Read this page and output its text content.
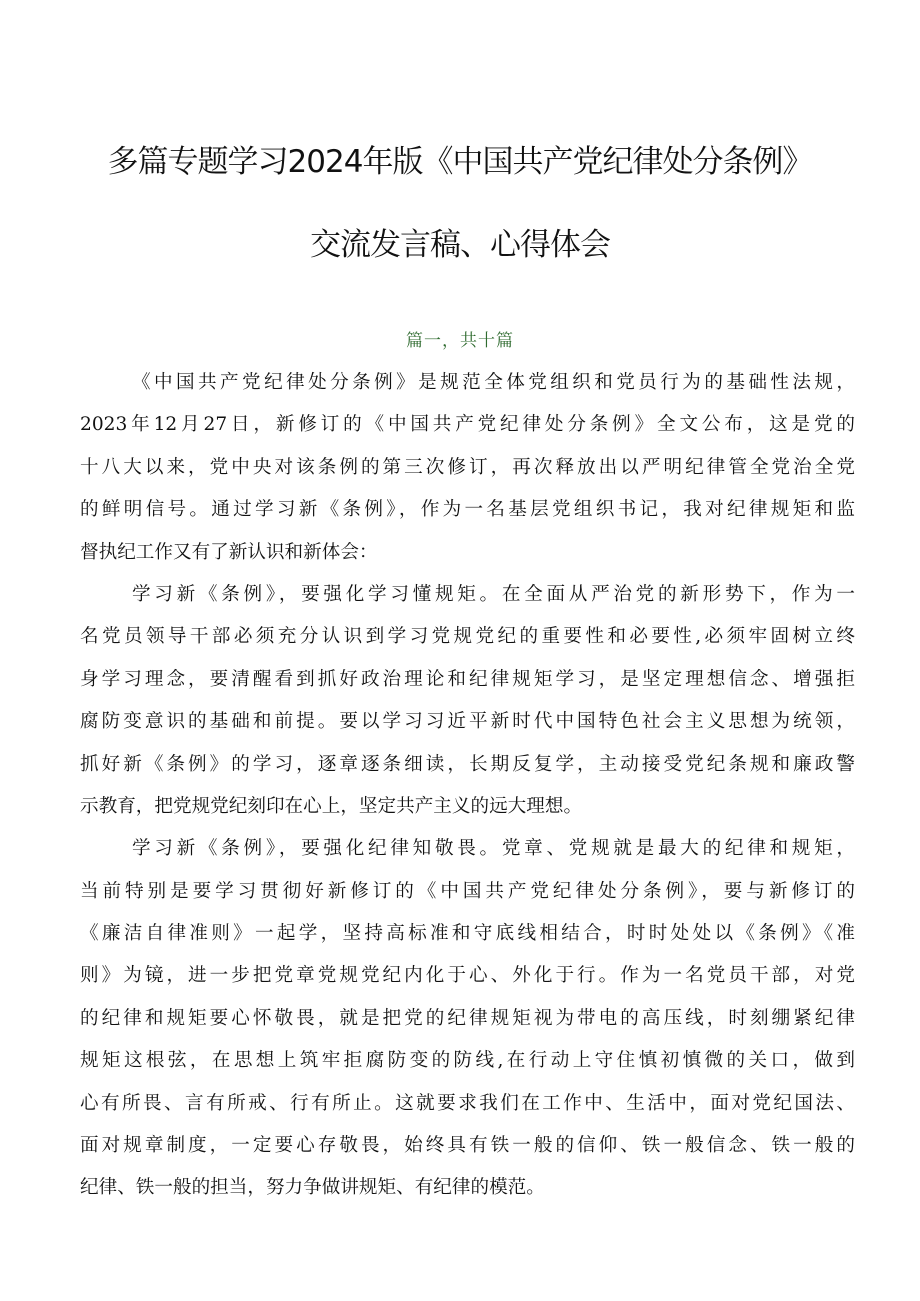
多篇专题学习2024年版《中国共产党纪律处分条例》
交流发言稿、心得体会
篇一，共十篇
《中国共产党纪律处分条例》是规范全体党组织和党员行为的基础性法规，
2023年12月27日，新修订的《中国共产党纪律处分条例》全文公布，这是党的
十八大以来，党中央对该条例的第三次修订，再次释放出以严明纪律管全党治全党
的鲜明信号。通过学习新《条例》，作为一名基层党组织书记，我对纪律规矩和监
督执纪工作又有了新认识和新体会：
学习新《条例》，要强化学习懂规矩。在全面从严治党的新形势下，作为一
名党员领导干部必须充分认识到学习党规党纪的重要性和必要性,必须牢固树立终
身学习理念，要清醒看到抓好政治理论和纪律规矩学习，是坚定理想信念、增强拒
腐防变意识的基础和前提。要以学习习近平新时代中国特色社会主义思想为统领，
抓好新《条例》的学习，逐章逐条细读，长期反复学，主动接受党纪条规和廉政警
示教育，把党规党纪刻印在心上，坚定共产主义的远大理想。
学习新《条例》，要强化纪律知敬畏。党章、党规就是最大的纪律和规矩，
当前特别是要学习贯彻好新修订的《中国共产党纪律处分条例》，要与新修订的
《廉洁自律准则》一起学，坚持高标准和守底线相结合，时时处处以《条例》《准
则》为镜，进一步把党章党规党纪内化于心、外化于行。作为一名党员干部，对党
的纪律和规矩要心怀敬畏，就是把党的纪律规矩视为带电的高压线，时刻绷紧纪律
规矩这根弦，在思想上筑牢拒腐防变的防线,在行动上守住慎初慎微的关口，做到
心有所畏、言有所戒、行有所止。这就要求我们在工作中、生活中，面对党纪国法、
面对规章制度，一定要心存敬畏，始终具有铁一般的信仰、铁一般信念、铁一般的
纪律、铁一般的担当，努力争做讲规矩、有纪律的模范。
